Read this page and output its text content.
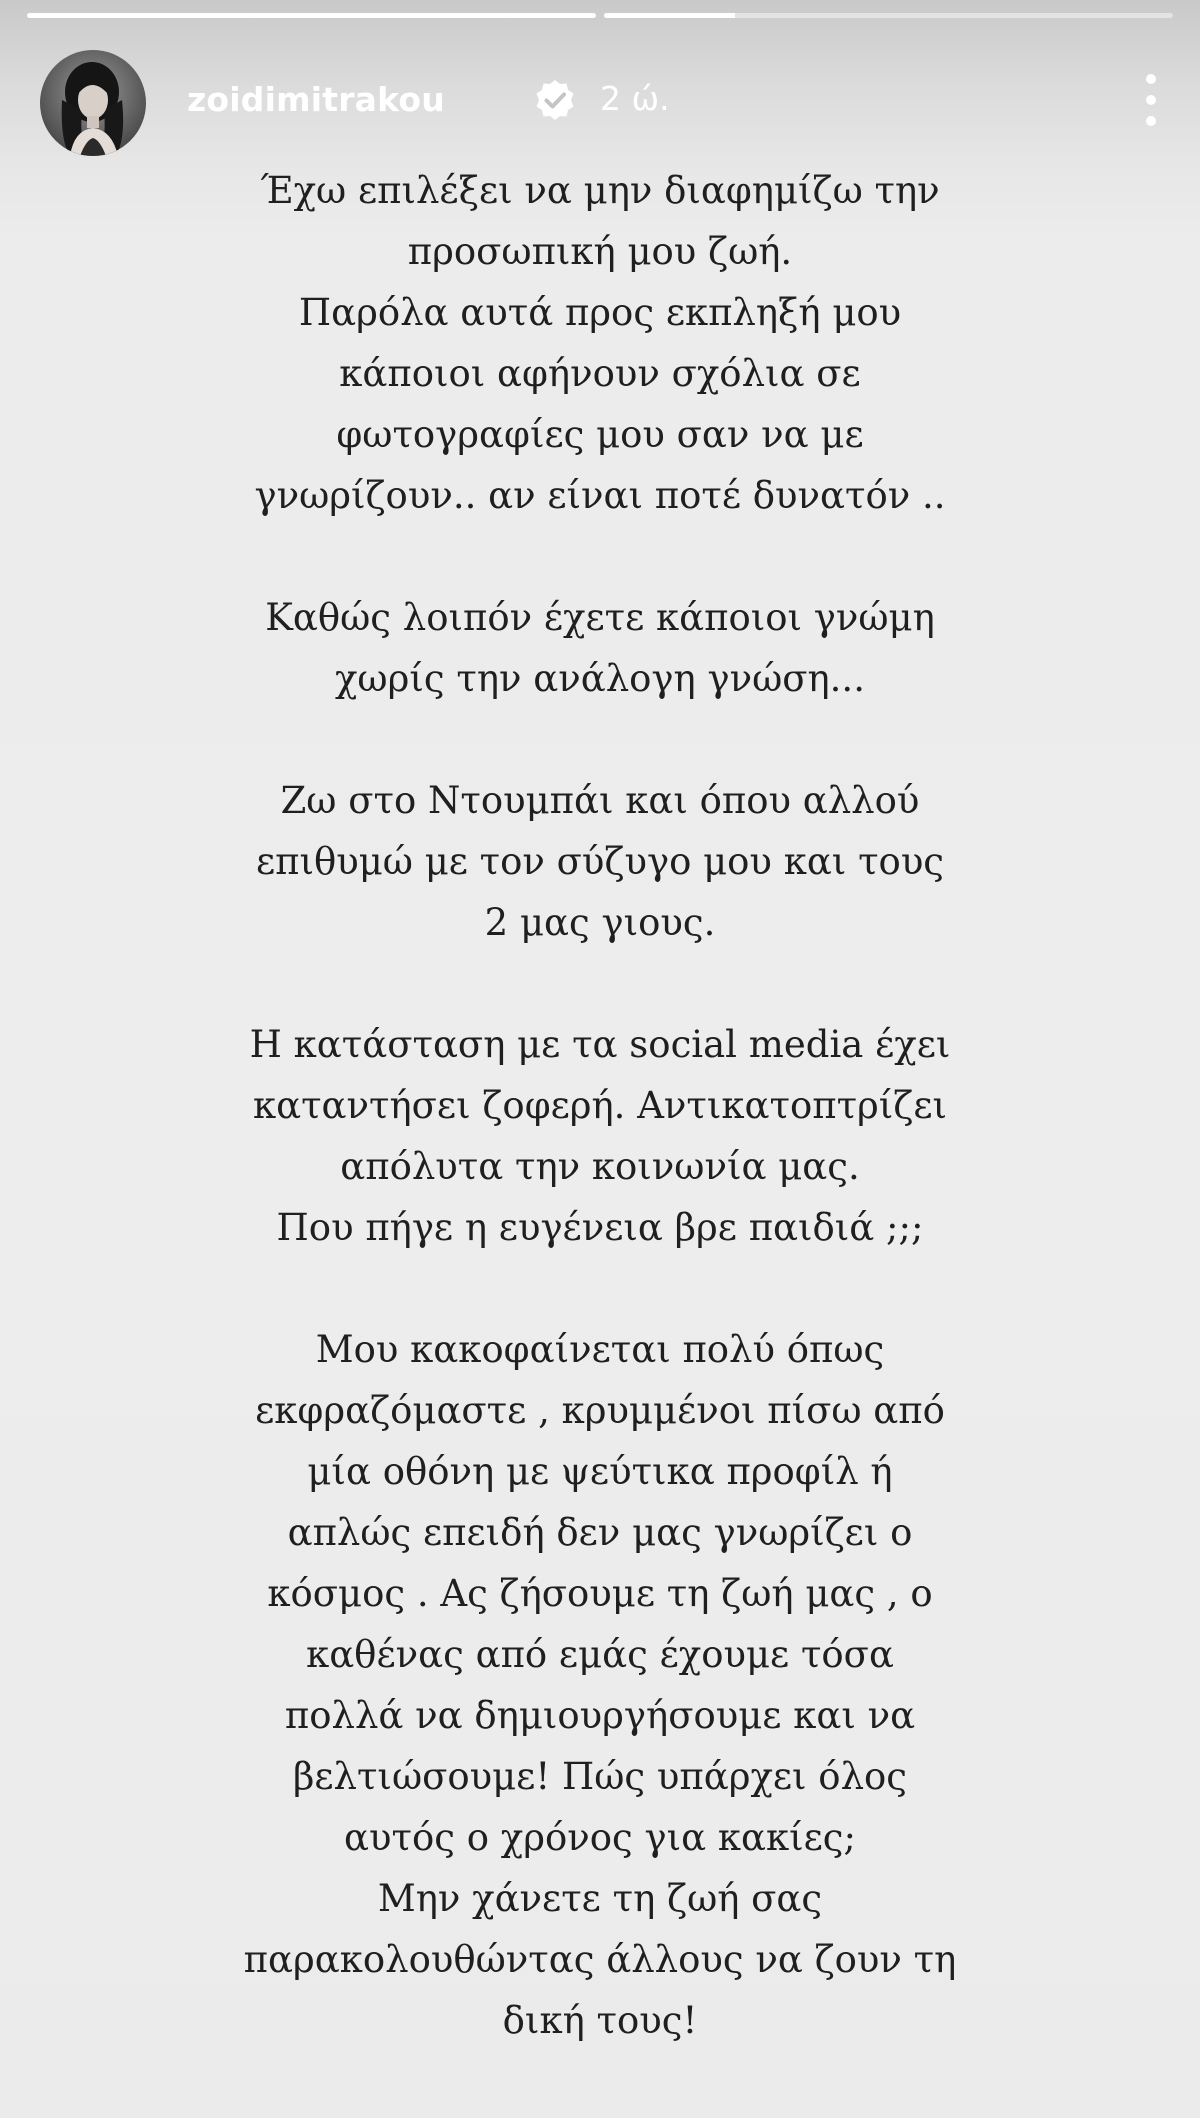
zoidimitrakou	2 ώ.
Έχω επιλέξει να μην διαφημίζω την
προσωπική μου ζωή.
Παρόλα αυτά προς εκπληξή μου
κάποιοι αφήνουν σχόλια σε
φωτογραφίες μου σαν να με
γνωρίζουν.. αν είναι ποτέ δυνατόν ..
Καθώς λοιπόν έχετε κάποιοι γνώμη
χωρίς την ανάλογη γνώση...
Ζω στο Ντουμπάι και όπου αλλού
επιθυμώ με τον σύζυγο μου και τους
2 μας γιους.
Η κατάσταση με τα social media έχει
καταντήσει ζοφερή. Αντικατοπτρίζει
απόλυτα την κοινωνία μας.
Που πήγε η ευγένεια βρε παιδιά ;;;
Μου κακοφαίνεται πολύ όπως
εκφραζόμαστε , κρυμμένοι πίσω από
μία οθόνη με ψεύτικα προφίλ ή
απλώς επειδή δεν μας γνωρίζει ο
κόσμος . Ας ζήσουμε τη ζωή μας , ο
καθένας από εμάς έχουμε τόσα
πολλά να δημιουργήσουμε και να
βελτιώσουμε! Πώς υπάρχει όλος
αυτός ο χρόνος για κακίες;
Μην χάνετε τη ζωή σας
παρακολουθώντας άλλους να ζουν τη
δική τους!
